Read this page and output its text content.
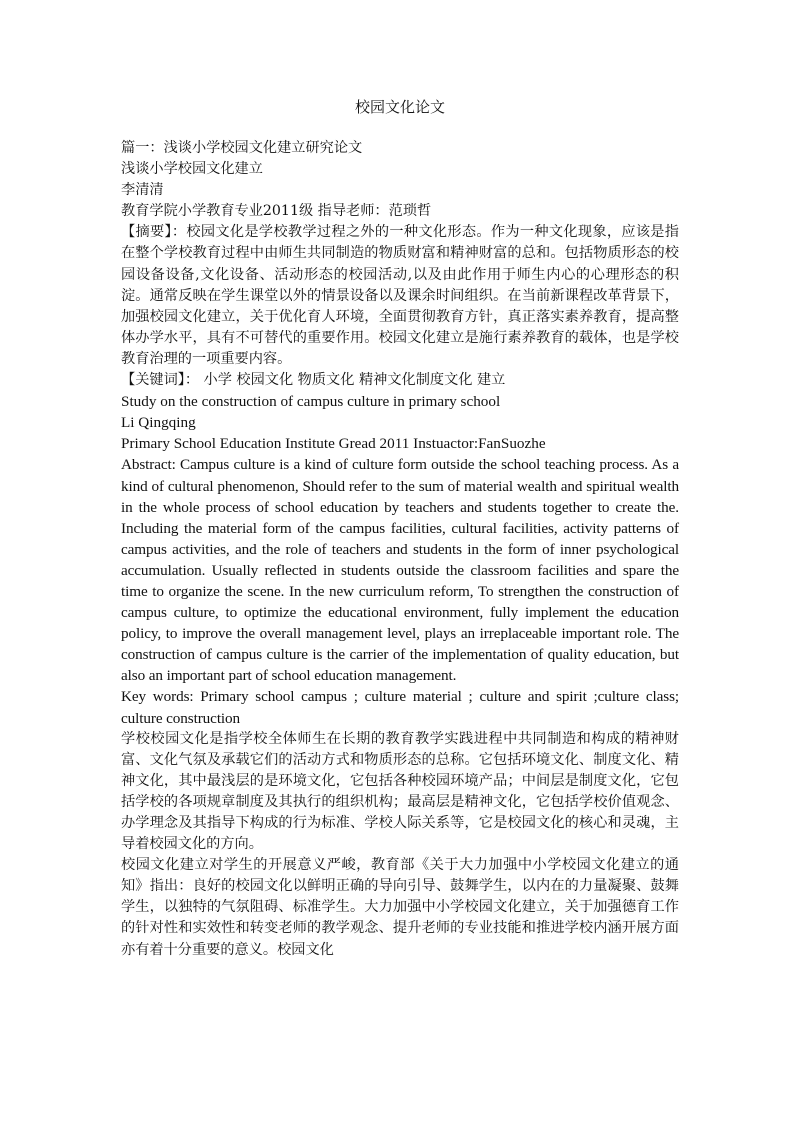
校园文化论文

篇一：浅谈小学校园文化建立研究论文

浅谈小学校园文化建立

李清清

教育学院小学教育专业2011级 指导老师：范琐哲

【摘要】：校园文化是学校教学过程之外的一种文化形态。作为一种文化现象，应该是指在整个学校教育过程中由师生共同制造的物质财富和精神财富的总和。包括物质形态的校园设备设备,文化设备、活动形态的校园活动,以及由此作用于师生内心的心理形态的积淀。通常反映在学生课堂以外的情景设备以及课余时间组织。在当前新课程改革背景下，加强校园文化建立，关于优化育人环境，全面贯彻教育方针，真正落实素养教育，提高整体办学水平，具有不可替代的重要作用。校园文化建立是施行素养教育的载体，也是学校教育治理的一项重要内容。

【关键词】： 小学 校园文化 物质文化 精神文化制度文化 建立

Study on the construction of campus culture in primary school

Li Qingqing

Primary School Education Institute Gread 2011 Instuactor:FanSuozhe

Abstract: Campus culture is a kind of culture form outside the school teaching process. As a kind of cultural phenomenon, Should refer to the sum of material wealth and spiritual wealth in the whole process of school education by teachers and students together to create the. Including the material form of the campus facilities, cultural facilities, activity patterns of campus activities, and the role of teachers and students in the form of inner psychological accumulation. Usually reflected in students outside the classroom facilities and spare the time to organize the scene. In the new curriculum reform, To strengthen the construction of campus culture, to optimize the educational environment, fully implement the education policy, to improve the overall management level, plays an irreplaceable important role. The construction of campus culture is the carrier of the implementation of quality education, but also an important part of school education management.

Key words: Primary school campus ; culture material ; culture and spirit ;culture class; culture construction

学校校园文化是指学校全体师生在长期的教育教学实践进程中共同制造和构成的精神财富、文化气氛及承载它们的活动方式和物质形态的总称。它包括环境文化、制度文化、精神文化，其中最浅层的是环境文化，它包括各种校园环境产品；中间层是制度文化，它包括学校的各项规章制度及其执行的组织机构；最高层是精神文化，它包括学校价值观念、办学理念及其指导下构成的行为标准、学校人际关系等，它是校园文化的核心和灵魂，主导着校园文化的方向。

校园文化建立对学生的开展意义严峻，教育部《关于大力加强中小学校园文化建立的通知》指出：良好的校园文化以鲜明正确的导向引导、鼓舞学生，以内在的力量凝聚、鼓舞学生，以独特的气氛阻碍、标准学生。大力加强中小学校园文化建立，关于加强德育工作的针对性和实效性和转变老师的教学观念、提升老师的专业技能和推进学校内涵开展方面亦有着十分重要的意义。校园文化
